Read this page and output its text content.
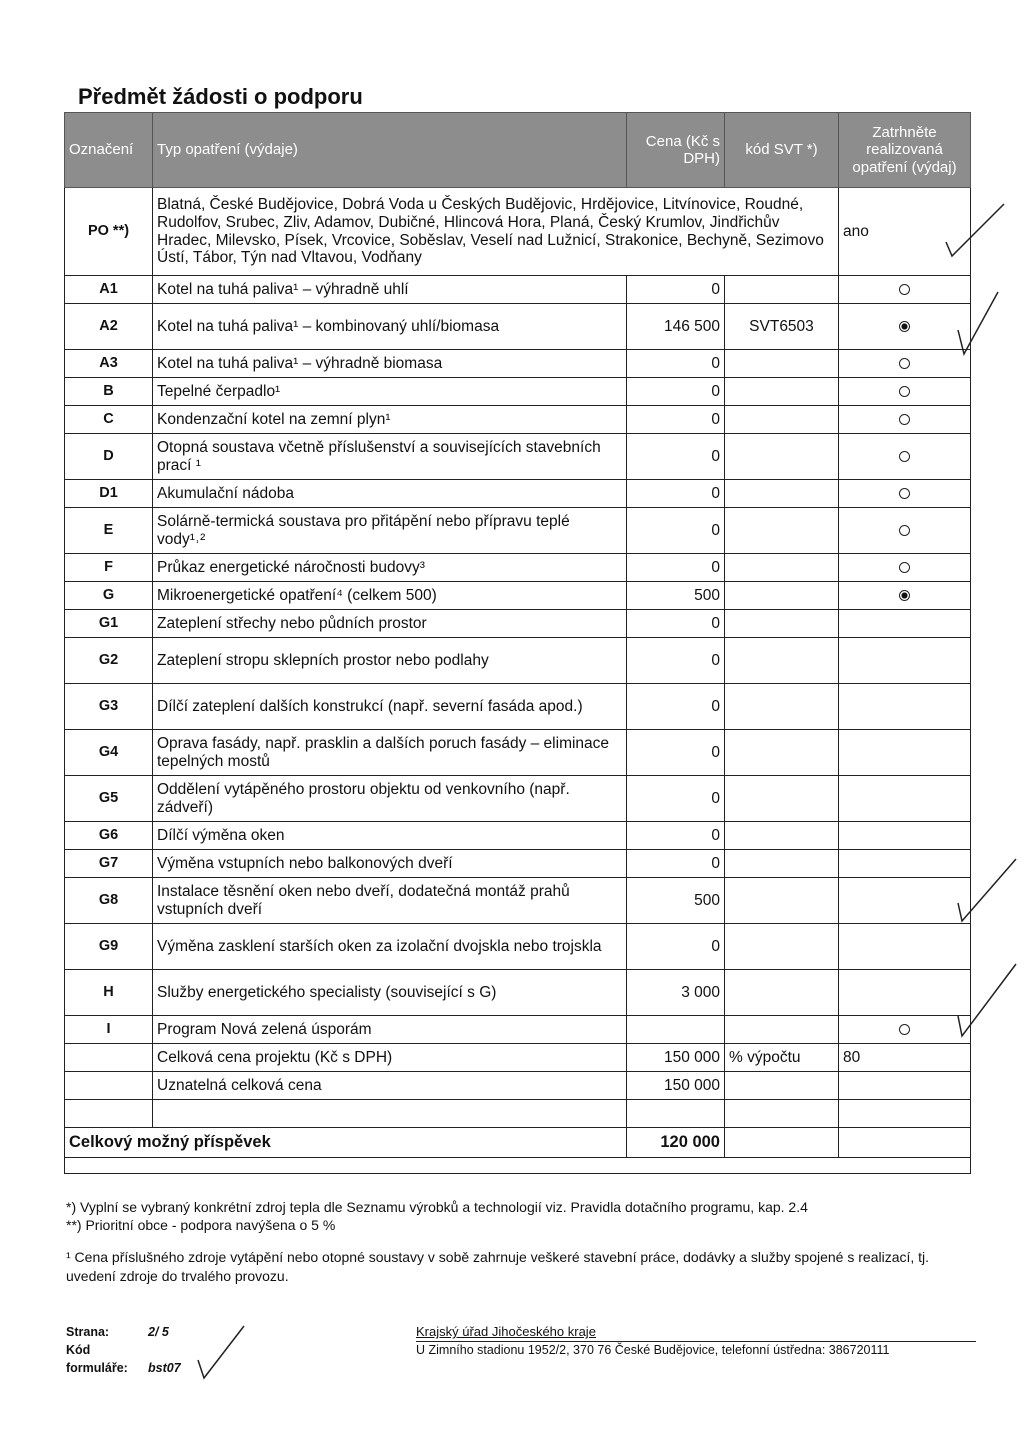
Předmět žádosti o podporu
Označení	Typ opatření (výdaje)	Cena (Kč s DPH)	kód SVT *)	Zatrhněte realizovaná opatření (výdaj)
PO **)	Blatná, České Budějovice, Dobrá Voda u Českých Budějovic, Hrdějovice, Litvínovice, Roudné, Rudolfov, Srubec, Zliv, Adamov, Dubičné, Hlincová Hora, Planá, Český Krumlov, Jindřichův Hradec, Milevsko, Písek, Vrcovice, Soběslav, Veselí nad Lužnicí, Strakonice, Bechyně, Sezimovo Ústí, Tábor, Týn nad Vltavou, Vodňany			ano
A1	Kotel na tuhá paliva¹ – výhradně uhlí	0		
A2	Kotel na tuhá paliva¹ – kombinovaný uhlí/biomasa	146 500	SVT6503	
A3	Kotel na tuhá paliva¹ – výhradně biomasa	0		
B	Tepelné čerpadlo¹	0		
C	Kondenzační kotel na zemní plyn¹	0		
D	Otopná soustava včetně příslušenství a souvisejících stavebních prací ¹	0		
D1	Akumulační nádoba	0		
E	Solárně-termická soustava pro přitápění nebo přípravu teplé vody¹˒²	0		
F	Průkaz energetické náročnosti budovy³	0		
G	Mikroenergetické opatření⁴ (celkem 500)	500		
G1	Zateplení střechy nebo půdních prostor	0		
G2	Zateplení stropu sklepních prostor nebo podlahy	0		
G3	Dílčí zateplení dalších konstrukcí (např. severní fasáda apod.)	0		
G4	Oprava fasády, např. prasklin a dalších poruch fasády – eliminace tepelných mostů	0		
G5	Oddělení vytápěného prostoru objektu od venkovního (např. zádveří)	0		
G6	Dílčí výměna oken	0		
G7	Výměna vstupních nebo balkonových dveří	0		
G8	Instalace těsnění oken nebo dveří, dodatečná montáž prahů vstupních dveří	500		
G9	Výměna zasklení starších oken za izolační dvojskla nebo trojskla	0		
H	Služby energetického specialisty (související s G)	3 000		
I	Program Nová zelená úsporám			
	Celková cena projektu (Kč s DPH)	150 000	% výpočtu	80
	Uznatelná celková cena	150 000		

Celkový možný příspěvek		120 000		

*) Vyplní se vybraný konkrétní zdroj tepla dle Seznamu výrobků a technologií viz. Pravidla dotačního programu, kap. 2.4

**) Prioritní obce - podpora navýšena o 5 %

¹ Cena příslušného zdroje vytápění nebo otopné soustavy v sobě zahrnuje veškeré stavební práce, dodávky a služby spojené s realizací, tj. uvedení zdroje do trvalého provozu.

Strana:	2/ 5
Kód formuláře: bst07
Krajský úřad Jihočeského kraje
U Zimního stadionu 1952/2, 370 76 České Budějovice, telefonní ústředna: 386720111
